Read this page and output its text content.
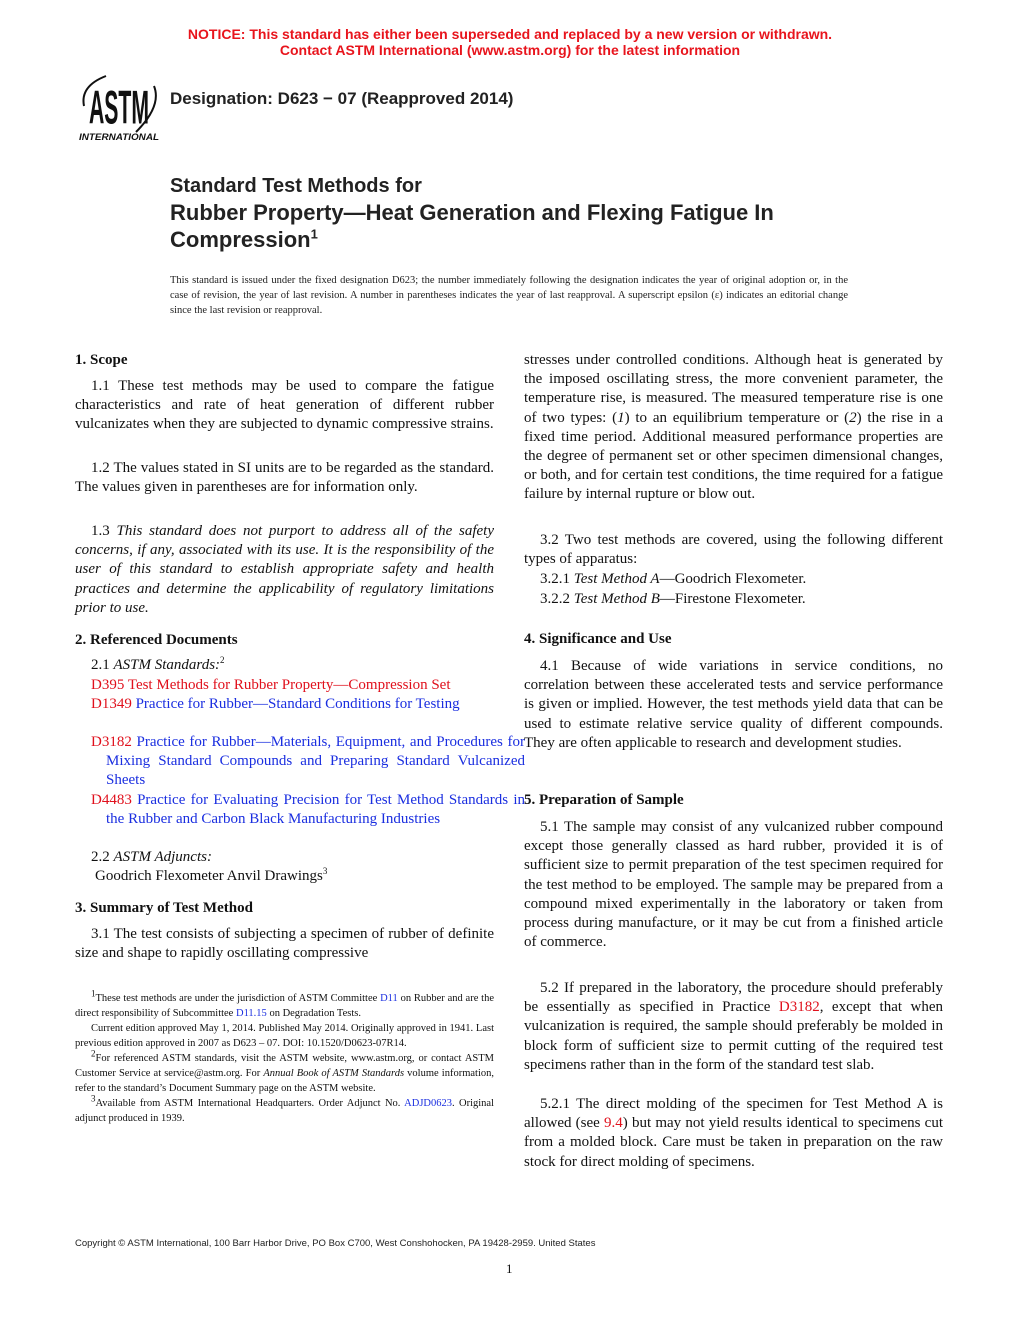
NOTICE: This standard has either been superseded and replaced by a new version or withdrawn.
Contact ASTM International (www.astm.org) for the latest information
ASTM
INTERNATIONAL
Designation: D623 − 07 (Reapproved 2014)
Standard Test Methods for
Rubber Property—Heat Generation and Flexing Fatigue In
Compression$^1$
This standard is issued under the fixed designation D623; the number immediately following the designation indicates the year of original adoption or, in the case of revision, the year of last revision. A number in parentheses indicates the year of last reapproval. A superscript epsilon (ε) indicates an editorial change since the last revision or reapproval.
1. Scope
1.1 These test methods may be used to compare the fatigue characteristics and rate of heat generation of different rubber vulcanizates when they are subjected to dynamic compressive strains.
1.2 The values stated in SI units are to be regarded as the standard. The values given in parentheses are for information only.
1.3 This standard does not purport to address all of the safety concerns, if any, associated with its use. It is the responsibility of the user of this standard to establish appropriate safety and health practices and determine the applicability of regulatory limitations prior to use.
2. Referenced Documents
2.1 ASTM Standards:$^2$
D395 Test Methods for Rubber Property—Compression Set
D1349 Practice for Rubber—Standard Conditions for Testing
D3182 Practice for Rubber—Materials, Equipment, and Procedures for Mixing Standard Compounds and Preparing Standard Vulcanized Sheets
D4483 Practice for Evaluating Precision for Test Method Standards in the Rubber and Carbon Black Manufacturing Industries
2.2 ASTM Adjuncts:
Goodrich Flexometer Anvil Drawings$^3$
3. Summary of Test Method
3.1 The test consists of subjecting a specimen of rubber of definite size and shape to rapidly oscillating compressive

$^1$These test methods are under the jurisdiction of ASTM Committee D11 on Rubber and are the direct responsibility of Subcommittee D11.15 on Degradation Tests.

Current edition approved May 1, 2014. Published May 2014. Originally approved in 1941. Last previous edition approved in 2007 as D623 – 07. DOI: 10.1520/D0623-07R14.

$^2$For referenced ASTM standards, visit the ASTM website, www.astm.org, or contact ASTM Customer Service at service@astm.org. For Annual Book of ASTM Standards volume information, refer to the standard’s Document Summary page on the ASTM website.

$^3$Available from ASTM International Headquarters. Order Adjunct No. ADJD0623. Original adjunct produced in 1939.

stresses under controlled conditions. Although heat is generated by the imposed oscillating stress, the more convenient parameter, the temperature rise, is measured. The measured temperature rise is one of two types: (1) to an equilibrium temperature or (2) the rise in a fixed time period. Additional measured performance properties are the degree of permanent set or other specimen dimensional changes, or both, and for certain test conditions, the time required for a fatigue failure by internal rupture or blow out.
3.2 Two test methods are covered, using the following different types of apparatus:
3.2.1 Test Method A—Goodrich Flexometer.
3.2.2 Test Method B—Firestone Flexometer.
4. Significance and Use
4.1 Because of wide variations in service conditions, no correlation between these accelerated tests and service performance is given or implied. However, the test methods yield data that can be used to estimate relative service quality of different compounds. They are often applicable to research and development studies.
5. Preparation of Sample
5.1 The sample may consist of any vulcanized rubber compound except those generally classed as hard rubber, provided it is of sufficient size to permit preparation of the test specimen required for the test method to be employed. The sample may be prepared from a compound mixed experimentally in the laboratory or taken from process during manufacture, or it may be cut from a finished article of commerce.
5.2 If prepared in the laboratory, the procedure should preferably be essentially as specified in Practice D3182, except that when vulcanization is required, the sample should preferably be molded in block form of sufficient size to permit cutting of the required test specimens rather than in the form of the standard test slab.
5.2.1 The direct molding of the specimen for Test Method A is allowed (see 9.4) but may not yield results identical to specimens cut from a molded block. Care must be taken in preparation on the raw stock for direct molding of specimens.
Copyright © ASTM International, 100 Barr Harbor Drive, PO Box C700, West Conshohocken, PA 19428-2959. United States
1
